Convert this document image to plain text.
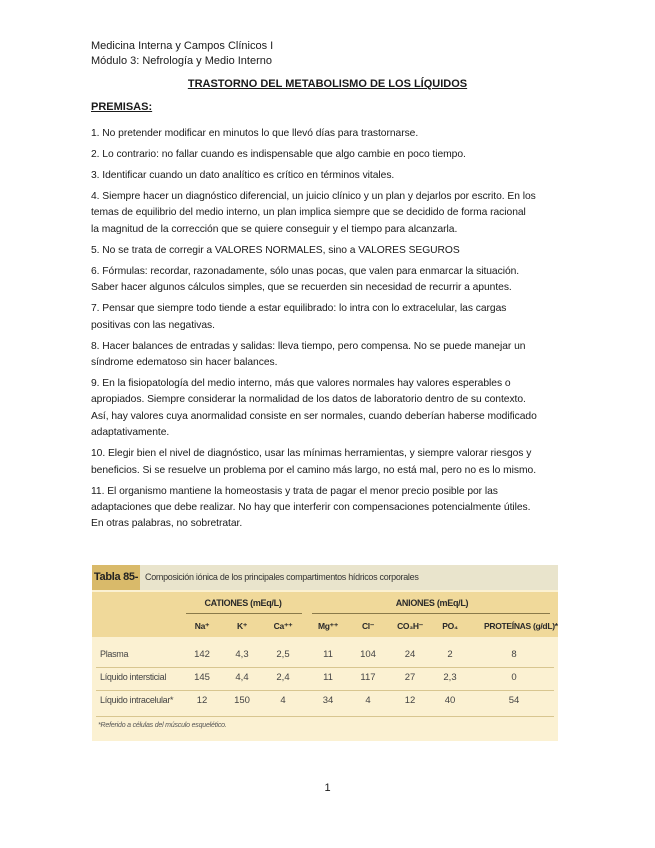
Medicina Interna y Campos Clínicos I
Módulo 3: Nefrología y Medio Interno
TRASTORNO DEL METABOLISMO DE LOS LÍQUIDOS
PREMISAS:
1. No pretender modificar en minutos lo que llevó días para trastornarse.
2. Lo contrario: no fallar cuando es indispensable que algo cambie en poco tiempo.
3. Identificar cuando un dato analítico es crítico en términos vitales.
4. Siempre hacer un diagnóstico diferencial, un juicio clínico y un plan y dejarlos por escrito. En los
temas de equilibrio del medio interno, un plan implica siempre que se decidido de forma racional
la magnitud de la corrección que se quiere conseguir y el tiempo para alcanzarla.
5. No se trata de corregir a VALORES NORMALES, sino a VALORES SEGUROS
6. Fórmulas: recordar, razonadamente, sólo unas pocas, que valen para enmarcar la situación.
Saber hacer algunos cálculos simples, que se recuerden sin necesidad de recurrir a apuntes.
7. Pensar que siempre todo tiende a estar equilibrado: lo intra con lo extracelular, las cargas
positivas con las negativas.
8. Hacer balances de entradas y salidas: lleva tiempo, pero compensa. No se puede manejar un
síndrome edematoso sin hacer balances.
9. En la fisiopatología del medio interno, más que valores normales hay valores esperables o
apropiados. Siempre considerar la normalidad de los datos de laboratorio dentro de su contexto.
Así, hay valores cuya anormalidad consiste en ser normales, cuando deberían haberse modificado
adaptativamente.
10. Elegir bien el nivel de diagnóstico, usar las mínimas herramientas, y siempre valorar riesgos y
beneficios. Si se resuelve un problema por el camino más largo, no está mal, pero no es lo mismo.
11. El organismo mantiene la homeostasis y trata de pagar el menor precio posible por las
adaptaciones que debe realizar. No hay que interferir con compensaciones potencialmente útiles.
En otras palabras, no sobretratar.
Tabla 85- Composición iónica de los principales compartimentos hídricos corporales
CATIONES (mEq/L)	ANIONES (mEq/L)
Na⁺	K⁺	Ca⁺⁺	Mg⁺⁺	Cl⁻	CO₃H⁻	PO₄	PROTEÍNAS (g/dL)*
Plasma	142	4,3	2,5	11	104	24	2	8
Líquido intersticial	145	4,4	2,4	11	117	27	2,3	0
Líquido intracelular*	12	150	4	34	4	12	40	54
*Referido a células del músculo esquelético.
1
